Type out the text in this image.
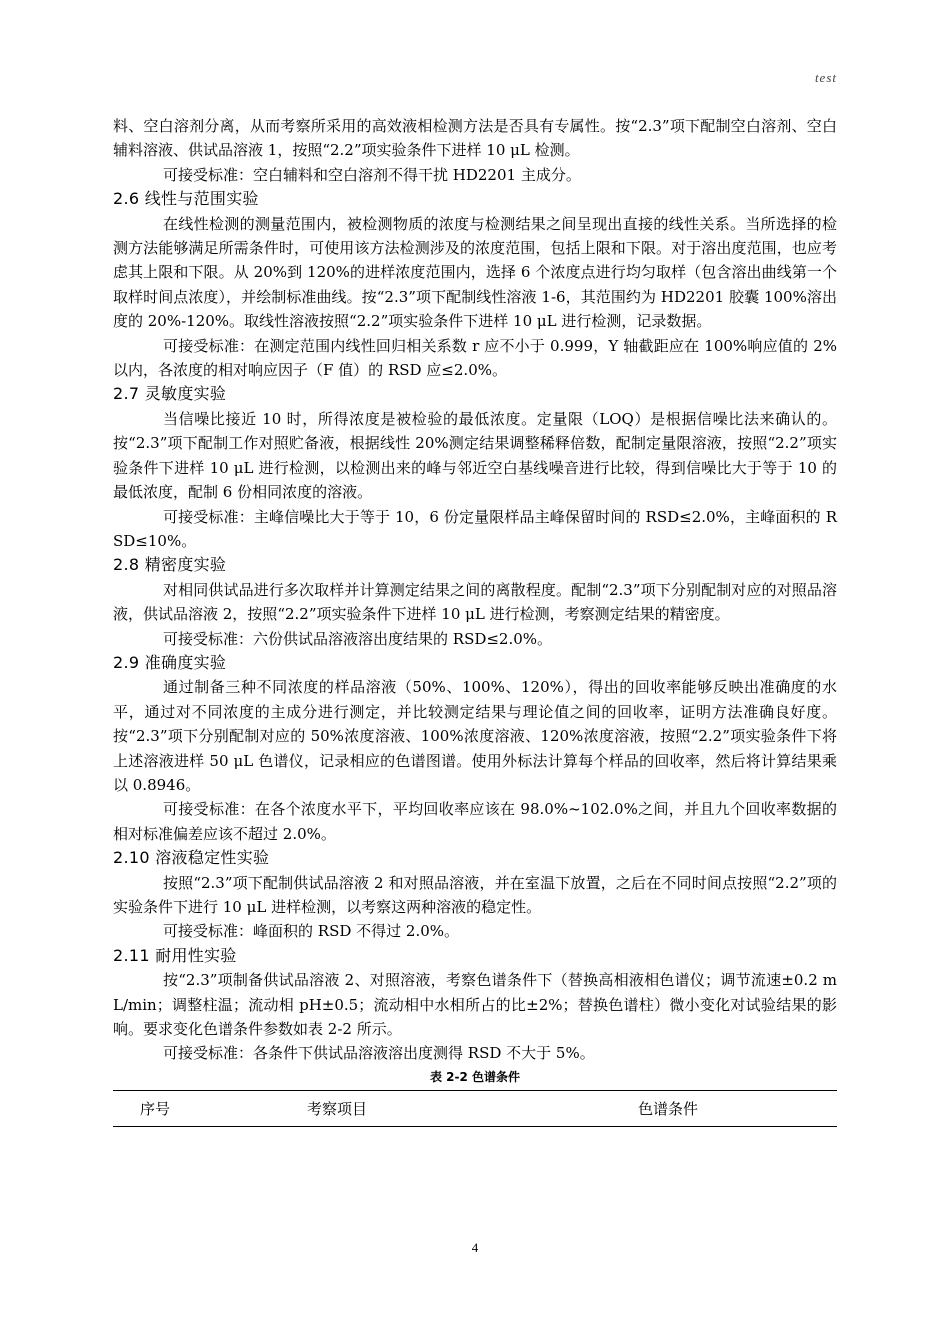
test

料、空白溶剂分离，从而考察所采用的高效液相检测方法是否具有专属性。按“2.3”项下配制空白溶剂、空白辅料溶液、供试品溶液 1，按照“2.2”项实验条件下进样 10 μL 检测。

可接受标准：空白辅料和空白溶剂不得干扰 HD2201 主成分。

2.6 线性与范围实验

在线性检测的测量范围内，被检测物质的浓度与检测结果之间呈现出直接的线性关系。当所选择的检测方法能够满足所需条件时，可使用该方法检测涉及的浓度范围，包括上限和下限。对于溶出度范围，也应考虑其上限和下限。从 20%到 120%的进样浓度范围内，选择 6 个浓度点进行均匀取样（包含溶出曲线第一个取样时间点浓度），并绘制标准曲线。按“2.3”项下配制线性溶液 1-6，其范围约为 HD2201 胶囊 100%溶出度的 20%-120%。取线性溶液按照“2.2”项实验条件下进样 10 μL 进行检测，记录数据。

可接受标准：在测定范围内线性回归相关系数 r 应不小于 0.999，Y 轴截距应在 100%响应值的 2%以内，各浓度的相对响应因子（F 值）的 RSD 应≤2.0%。

2.7 灵敏度实验

当信噪比接近 10 时，所得浓度是被检验的最低浓度。定量限（LOQ）是根据信噪比法来确认的。按“2.3”项下配制工作对照贮备液，根据线性 20%测定结果调整稀释倍数，配制定量限溶液，按照“2.2”项实验条件下进样 10 μL 进行检测，以检测出来的峰与邻近空白基线噪音进行比较，得到信噪比大于等于 10 的最低浓度，配制 6 份相同浓度的溶液。

可接受标准：主峰信噪比大于等于 10，6 份定量限样品主峰保留时间的 RSD≤2.0%，主峰面积的 RSD≤10%。

2.8 精密度实验

对相同供试品进行多次取样并计算测定结果之间的离散程度。配制“2.3”项下分别配制对应的对照品溶液，供试品溶液 2，按照“2.2”项实验条件下进样 10 μL 进行检测，考察测定结果的精密度。

可接受标准：六份供试品溶液溶出度结果的 RSD≤2.0%。

2.9 准确度实验

通过制备三种不同浓度的样品溶液（50%、100%、120%），得出的回收率能够反映出准确度的水平，通过对不同浓度的主成分进行测定，并比较测定结果与理论值之间的回收率，证明方法准确良好度。按“2.3”项下分别配制对应的 50%浓度溶液、100%浓度溶液、120%浓度溶液，按照“2.2”项实验条件下将上述溶液进样 50 μL 色谱仪，记录相应的色谱图谱。使用外标法计算每个样品的回收率，然后将计算结果乘以 0.8946。

可接受标准：在各个浓度水平下，平均回收率应该在 98.0%~102.0%之间，并且九个回收率数据的相对标准偏差应该不超过 2.0%。

2.10 溶液稳定性实验

按照“2.3”项下配制供试品溶液 2 和对照品溶液，并在室温下放置，之后在不同时间点按照“2.2”项的实验条件下进行 10 μL 进样检测，以考察这两种溶液的稳定性。

可接受标准：峰面积的 RSD 不得过 2.0%。

2.11 耐用性实验

按“2.3”项制备供试品溶液 2、对照溶液，考察色谱条件下（替换高相液相色谱仪；调节流速±0.2 mL/min；调整柱温；流动相 pH±0.5；流动相中水相所占的比±2%；替换色谱柱）微小变化对试验结果的影响。要求变化色谱条件参数如表 2-2 所示。

可接受标准：各条件下供试品溶液溶出度测得 RSD 不大于 5%。

表 2-2 色谱条件
序号	考察项目	色谱条件
4
